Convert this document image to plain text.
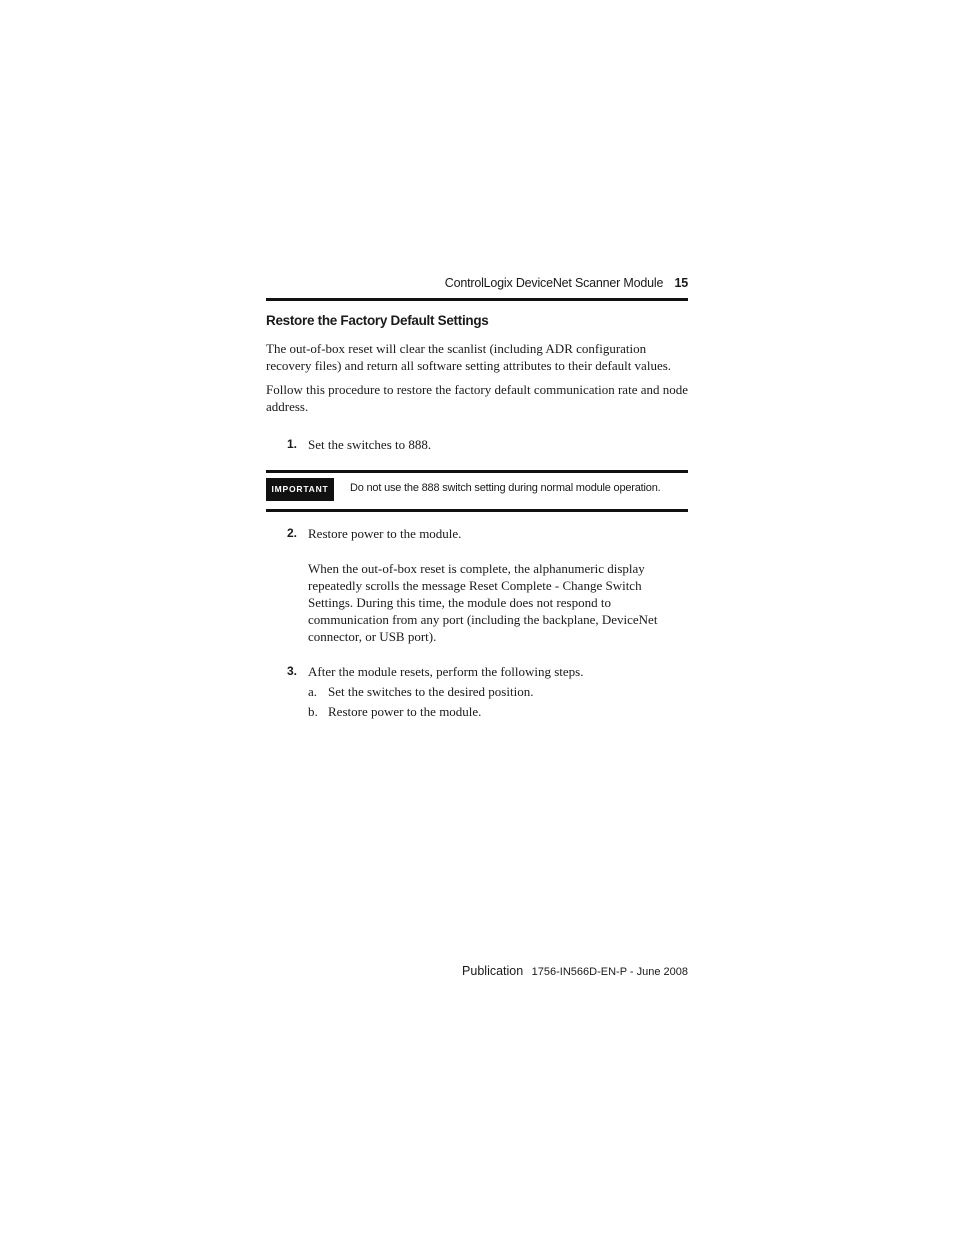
ControlLogix DeviceNet Scanner Module 15
Restore the Factory Default Settings

The out-of-box reset will clear the scanlist (including ADR configuration recovery files) and return all software setting attributes to their default values.

Follow this procedure to restore the factory default communication rate and node address.

1. Set the switches to 888.
IMPORTANT	Do not use the 888 switch setting during normal module operation.
2. Restore power to the module.

When the out-of-box reset is complete, the alphanumeric display repeatedly scrolls the message Reset Complete - Change Switch Settings. During this time, the module does not respond to communication from any port (including the backplane, DeviceNet connector, or USB port).

3. After the module resets, perform the following steps.
a. Set the switches to the desired position.
b. Restore power to the module.
Publication 1756-IN566D-EN-P - June 2008
